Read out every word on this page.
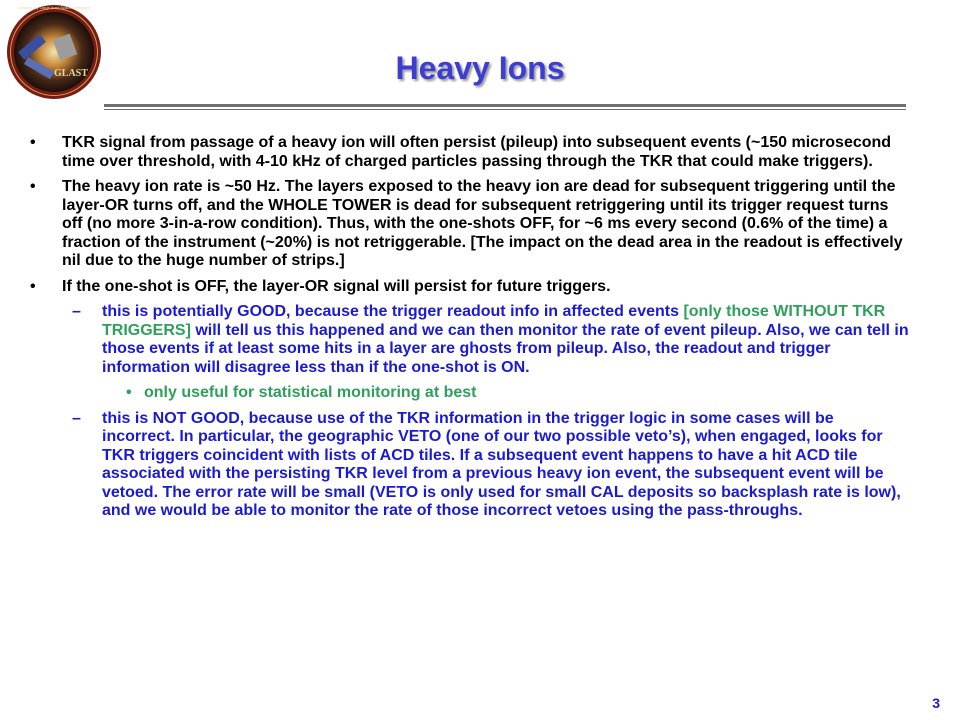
GLAST
Gamma-ray Large Area Space Telescope
Heavy Ions
• TKR signal from passage of a heavy ion will often persist (pileup) into subsequent events (~150 microsecond time over threshold, with 4-10 kHz of charged particles passing through the TKR that could make triggers).
• The heavy ion rate is ~50 Hz. The layers exposed to the heavy ion are dead for subsequent triggering until the layer-OR turns off, and the WHOLE TOWER is dead for subsequent retriggering until its trigger request turns off (no more 3-in-a-row condition). Thus, with the one-shots OFF, for ~6 ms every second (0.6% of the time) a fraction of the instrument (~20%) is not retriggerable. [The impact on the dead area in the readout is effectively nil due to the huge number of strips.]
• If the one-shot is OFF, the layer-OR signal will persist for future triggers.
– this is potentially GOOD, because the trigger readout info in affected events [only those WITHOUT TKR TRIGGERS] will tell us this happened and we can then monitor the rate of event pileup. Also, we can tell in those events if at least some hits in a layer are ghosts from pileup. Also, the readout and trigger information will disagree less than if the one-shot is ON.
• only useful for statistical monitoring at best
– this is NOT GOOD, because use of the TKR information in the trigger logic in some cases will be incorrect. In particular, the geographic VETO (one of our two possible veto’s), when engaged, looks for TKR triggers coincident with lists of ACD tiles. If a subsequent event happens to have a hit ACD tile associated with the persisting TKR level from a previous heavy ion event, the subsequent event will be vetoed. The error rate will be small (VETO is only used for small CAL deposits so backsplash rate is low), and we would be able to monitor the rate of those incorrect vetoes using the pass-throughs.
3
